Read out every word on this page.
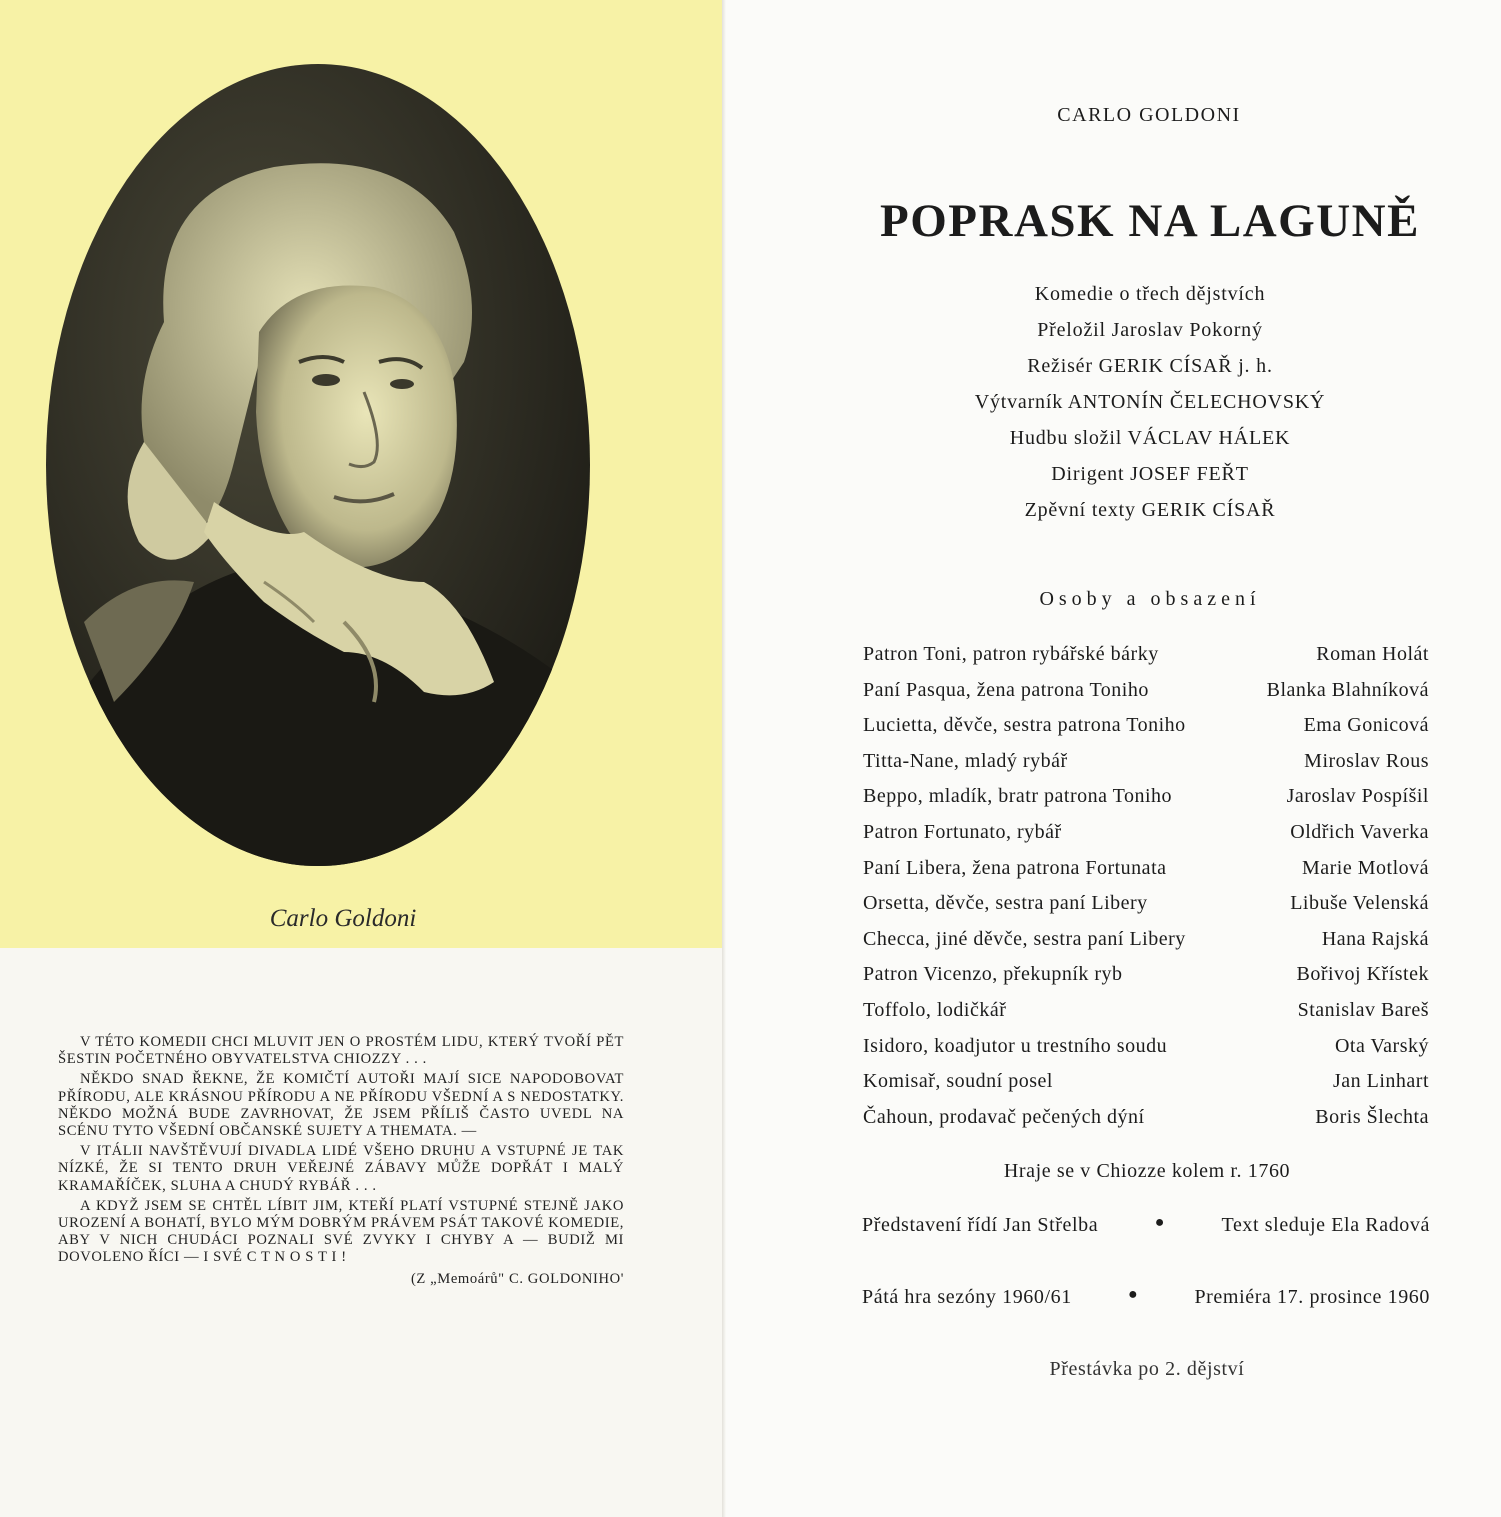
Carlo Goldoni

V TÉTO KOMEDII CHCI MLUVIT JEN O PROSTÉM LIDU, KTERÝ TVOŘÍ PĚT ŠESTIN POČETNÉHO OBYVATELSTVA CHIOZZY . . .

NĚKDO SNAD ŘEKNE, ŽE KOMIČTÍ AUTOŘI MAJÍ SICE NAPODOBOVAT PŘÍRODU, ALE KRÁSNOU PŘÍRODU A NE PŘÍRODU VŠEDNÍ A S NEDOSTATKY. NĚKDO MOŽNÁ BUDE ZAVRHOVAT, ŽE JSEM PŘÍLIŠ ČASTO UVEDL NA SCÉNU TYTO VŠEDNÍ OBČANSKÉ SUJETY A THEMATA. —

V ITÁLII NAVŠTĚVUJÍ DIVADLA LIDÉ VŠEHO DRUHU A VSTUPNÉ JE TAK NÍZKÉ, ŽE SI TENTO DRUH VEŘEJNÉ ZÁBAVY MŮŽE DOPŘÁT I MALÝ KRAMAŘÍČEK, SLUHA A CHUDÝ RYBÁŘ . . .

A KDYŽ JSEM SE CHTĚL LÍBIT JIM, KTEŘÍ PLATÍ VSTUPNÉ STEJNĚ JAKO UROZENÍ A BOHATÍ, BYLO MÝM DOBRÝM PRÁVEM PSÁT TAKOVÉ KOMEDIE, ABY V NICH CHUDÁCI POZNALI SVÉ ZVYKY I CHYBY A — BUDIŽ MI DOVOLENO ŘÍCI — I SVÉ C T N O S T I !

(Z „Memoárů" C. GOLDONIHO'

CARLO GOLDONI
POPRASK NA LAGUNĚ
Komedie o třech dějstvích
Přeložil Jaroslav Pokorný
Režisér GERIK CÍSAŘ j. h.
Výtvarník ANTONÍN ČELECHOVSKÝ
Hudbu složil VÁCLAV HÁLEK
Dirigent JOSEF FEŘT
Zpěvní texty GERIK CÍSAŘ
Osoby a obsazení
Patron Toni, patron rybářské bárky	Roman Holát
Paní Pasqua, žena patrona Toniho	Blanka Blahníková
Lucietta, děvče, sestra patrona Toniho	Ema Gonicová
Titta-Nane, mladý rybář	Miroslav Rous
Beppo, mladík, bratr patrona Toniho	Jaroslav Pospíšil
Patron Fortunato, rybář	Oldřich Vaverka
Paní Libera, žena patrona Fortunata	Marie Motlová
Orsetta, děvče, sestra paní Libery	Libuše Velenská
Checca, jiné děvče, sestra paní Libery	Hana Rajská
Patron Vicenzo, překupník ryb	Bořivoj Křístek
Toffolo, lodičkář	Stanislav Bareš
Isidoro, koadjutor u trestního soudu	Ota Varský
Komisař, soudní posel	Jan Linhart
Čahoun, prodavač pečených dýní	Boris Šlechta
Hraje se v Chiozze kolem r. 1760
Představení řídí Jan Střelba	●	Text sleduje Ela Radová
Pátá hra sezóny 1960/61	●	Premiéra 17. prosince 1960
Přestávka po 2. dějství
